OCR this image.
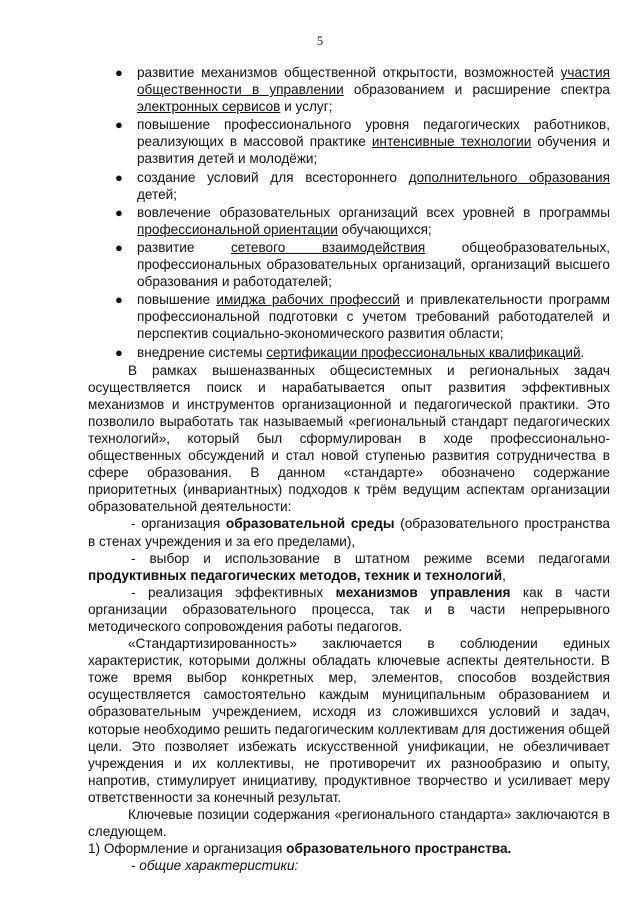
5
● развитие механизмов общественной открытости, возможностей участия общественности в управлении образованием и расширение спектра электронных сервисов и услуг;
● повышение профессионального уровня педагогических работников, реализующих в массовой практике интенсивные технологии обучения и развития детей и молодёжи;
● создание условий для всестороннего дополнительного образования детей;
● вовлечение образовательных организаций всех уровней в программы профессиональной ориентации обучающихся;
● развитие сетевого взаимодействия общеобразовательных, профессиональных образовательных организаций, организаций высшего образования и работодателей;
● повышение имиджа рабочих профессий и привлекательности программ профессиональной подготовки с учетом требований работодателей и перспектив социально-экономического развития области;
● внедрение системы сертификации профессиональных квалификаций.

В рамках вышеназванных общесистемных и региональных задач осуществляется поиск и нарабатывается опыт развития эффективных механизмов и инструментов организационной и педагогической практики. Это позволило выработать так называемый «региональный стандарт педагогических технологий», который был сформулирован в ходе профессионально-общественных обсуждений и стал новой ступенью развития сотрудничества в сфере образования. В данном «стандарте» обозначено содержание приоритетных (инвариантных) подходов к трём ведущим аспектам организации образовательной деятельности:

- организация образовательной среды (образовательного пространства в стенах учреждения и за его пределами),

- выбор и использование в штатном режиме всеми педагогами продуктивных педагогических методов, техник и технологий,

- реализация эффективных механизмов управления как в части организации образовательного процесса, так и в части непрерывного методического сопровождения работы педагогов.

«Стандартизированность» заключается в соблюдении единых характеристик, которыми должны обладать ключевые аспекты деятельности. В тоже время выбор конкретных мер, элементов, способов воздействия осуществляется самостоятельно каждым муниципальным образованием и образовательным учреждением, исходя из сложившихся условий и задач, которые необходимо решить педагогическим коллективам для достижения общей цели. Это позволяет избежать искусственной унификации, не обезличивает учреждения и их коллективы, не противоречит их разнообразию и опыту, напротив, стимулирует инициативу, продуктивное творчество и усиливает меру ответственности за конечный результат.

Ключевые позиции содержания «регионального стандарта» заключаются в следующем.

1) Оформление и организация образовательного пространства.

- общие характеристики:
